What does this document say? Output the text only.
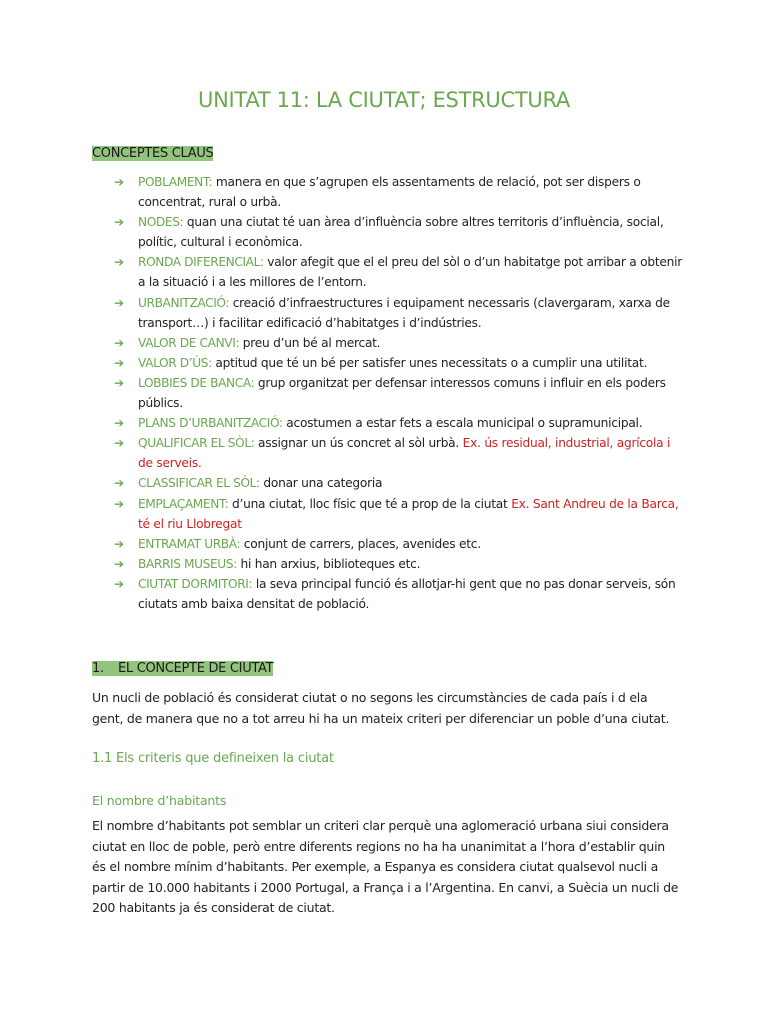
UNITAT 11: LA CIUTAT; ESTRUCTURA
CONCEPTES CLAUS
➔ POBLAMENT: manera en que s’agrupen els assentaments de relació, pot ser dispers o concentrat, rural o urbà.
➔ NODES: quan una ciutat té uan àrea d’influència sobre altres territoris d’influència, social, polític, cultural i econòmica.
➔ RONDA DIFERENCIAL: valor afegit que el el preu del sòl o d’un habitatge pot arribar a obtenir a la situació i a les millores de l’entorn.
➔ URBANITZACIÓ: creació d’infraestructures i equipament necessaris (clavergaram, xarxa de transport…) i facilitar edificació d’habitatges i d’indústries.
➔ VALOR DE CANVI: preu d’un bé al mercat.
➔ VALOR D’ÚS: aptitud que té un bé per satisfer unes necessitats o a cumplir una utilitat.
➔ LOBBIES DE BANCA: grup organitzat per defensar interessos comuns i influir en els poders públics.
➔ PLANS D’URBANITZACIÓ: acostumen a estar fets a escala municipal o supramunicipal.
➔ QUALIFICAR EL SÒL: assignar un ús concret al sòl urbà. Ex. ús residual, industrial, agrícola i de serveis.
➔ CLASSIFICAR EL SÒL: donar una categoria
➔ EMPLAÇAMENT: d’una ciutat, lloc físic que té a prop de la ciutat Ex. Sant Andreu de la Barca, té el riu Llobregat
➔ ENTRAMAT URBÀ: conjunt de carrers, places, avenides etc.
➔ BARRIS MUSEUS: hi han arxius, biblioteques etc.
➔ CIUTAT DORMITORI: la seva principal funció és allotjar-hi gent que no pas donar serveis, són ciutats amb baixa densitat de població.
1. EL CONCEPTE DE CIUTAT

Un nucli de població és considerat ciutat o no segons les circumstàncies de cada país i d ela gent, de manera que no a tot arreu hi ha un mateix criteri per diferenciar un poble d’una ciutat.

1.1 Els criteris que defineixen la ciutat
El nombre d’habitants

El nombre d’habitants pot semblar un criteri clar perquè una aglomeració urbana siui considera ciutat en lloc de poble, però entre diferents regions no ha ha unanimitat a l’hora d’establir quin és el nombre mínim d’habitants. Per exemple, a Espanya es considera ciutat qualsevol nucli a partir de 10.000 habitants i 2000 Portugal, a França i a l’Argentina. En canvi, a Suècia un nucli de 200 habitants ja és considerat de ciutat.
